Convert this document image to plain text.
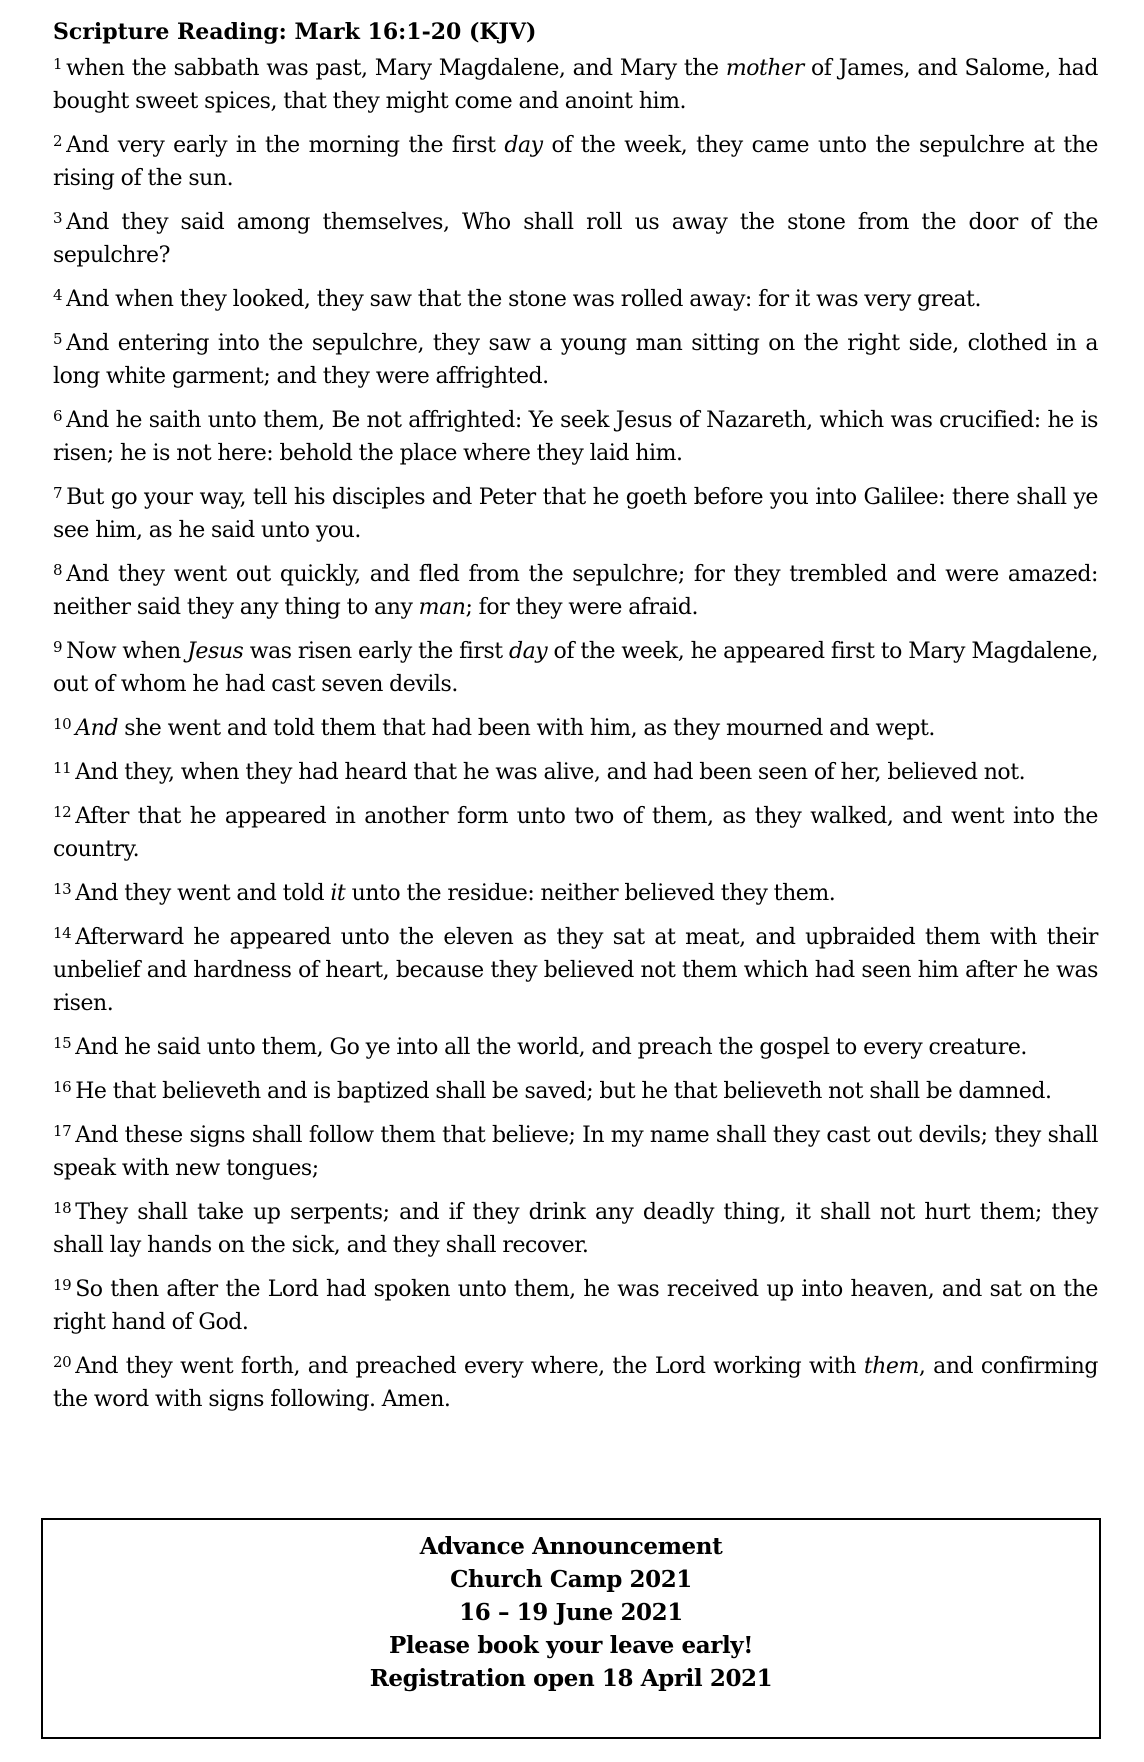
Scripture Reading: Mark 16:1-20 (KJV)

$^1$ when the sabbath was past, Mary Magdalene, and Mary the mother of James, and Salome, had bought sweet spices, that they might come and anoint him.

$^2$ And very early in the morning the first day of the week, they came unto the sepulchre at the rising of the sun.

$^3$ And they said among themselves, Who shall roll us away the stone from the door of the sepulchre?

$^4$ And when they looked, they saw that the stone was rolled away: for it was very great.

$^5$ And entering into the sepulchre, they saw a young man sitting on the right side, clothed in a long white garment; and they were affrighted.

$^6$ And he saith unto them, Be not affrighted: Ye seek Jesus of Nazareth, which was crucified: he is risen; he is not here: behold the place where they laid him.

$^7$ But go your way, tell his disciples and Peter that he goeth before you into Galilee: there shall ye see him, as he said unto you.

$^8$ And they went out quickly, and fled from the sepulchre; for they trembled and were amazed: neither said they any thing to any man; for they were afraid.

$^9$ Now when Jesus was risen early the first day of the week, he appeared first to Mary Magdalene, out of whom he had cast seven devils.

$^{10}$ And she went and told them that had been with him, as they mourned and wept.

$^{11}$ And they, when they had heard that he was alive, and had been seen of her, believed not.

$^{12}$ After that he appeared in another form unto two of them, as they walked, and went into the country.

$^{13}$ And they went and told it unto the residue: neither believed they them.

$^{14}$ Afterward he appeared unto the eleven as they sat at meat, and upbraided them with their unbelief and hardness of heart, because they believed not them which had seen him after he was risen.

$^{15}$ And he said unto them, Go ye into all the world, and preach the gospel to every creature.

$^{16}$ He that believeth and is baptized shall be saved; but he that believeth not shall be damned.

$^{17}$ And these signs shall follow them that believe; In my name shall they cast out devils; they shall speak with new tongues;

$^{18}$ They shall take up serpents; and if they drink any deadly thing, it shall not hurt them; they shall lay hands on the sick, and they shall recover.

$^{19}$ So then after the Lord had spoken unto them, he was received up into heaven, and sat on the right hand of God.

$^{20}$ And they went forth, and preached every where, the Lord working with them, and confirming the word with signs following. Amen.

Advance Announcement
Church Camp 2021
16 – 19 June 2021
Please book your leave early!
Registration open 18 April 2021
